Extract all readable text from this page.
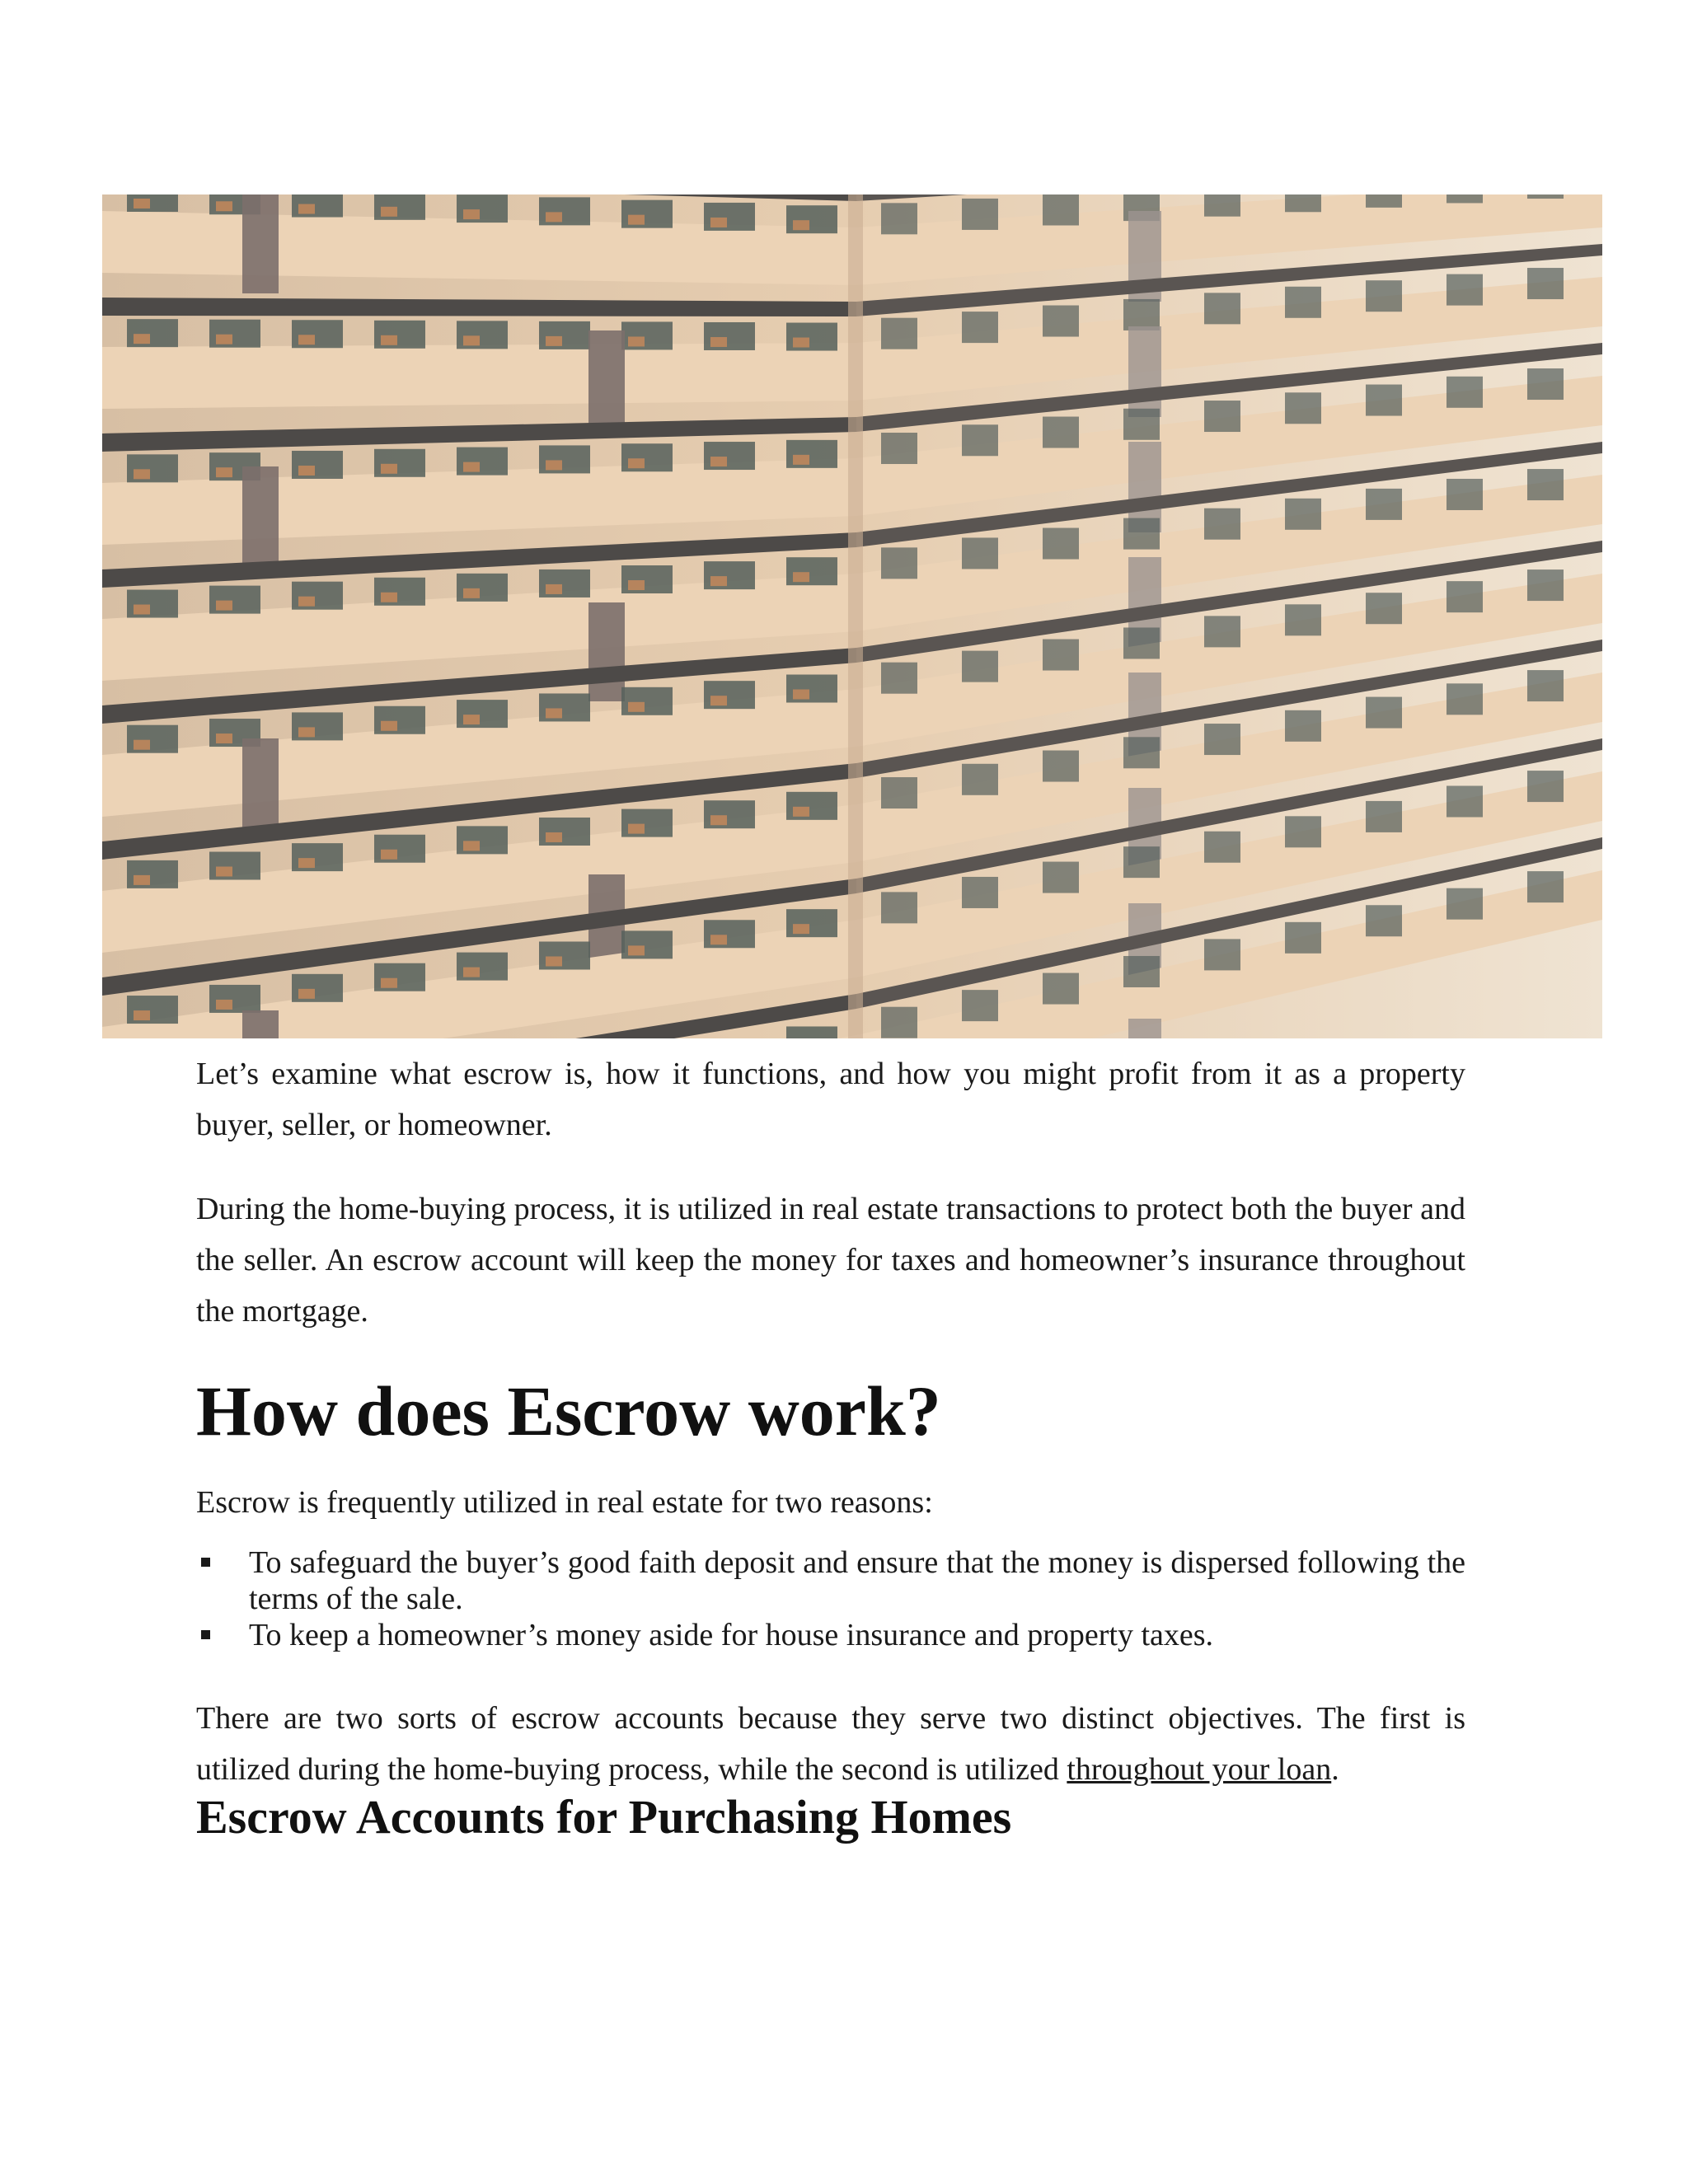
Let’s examine what escrow is, how it functions, and how you might profit from it as a property buyer, seller, or homeowner.

During the home-buying process, it is utilized in real estate transactions to protect both the buyer and the seller. An escrow account will keep the money for taxes and homeowner’s insurance throughout the mortgage.

How does Escrow work?

Escrow is frequently utilized in real estate for two reasons:

To safeguard the buyer’s good faith deposit and ensure that the money is dispersed following the terms of the sale.
To keep a homeowner’s money aside for house insurance and property taxes.

There are two sorts of escrow accounts because they serve two distinct objectives. The first is utilized during the home-buying process, while the second is utilized throughout your loan.

Escrow Accounts for Purchasing Homes
